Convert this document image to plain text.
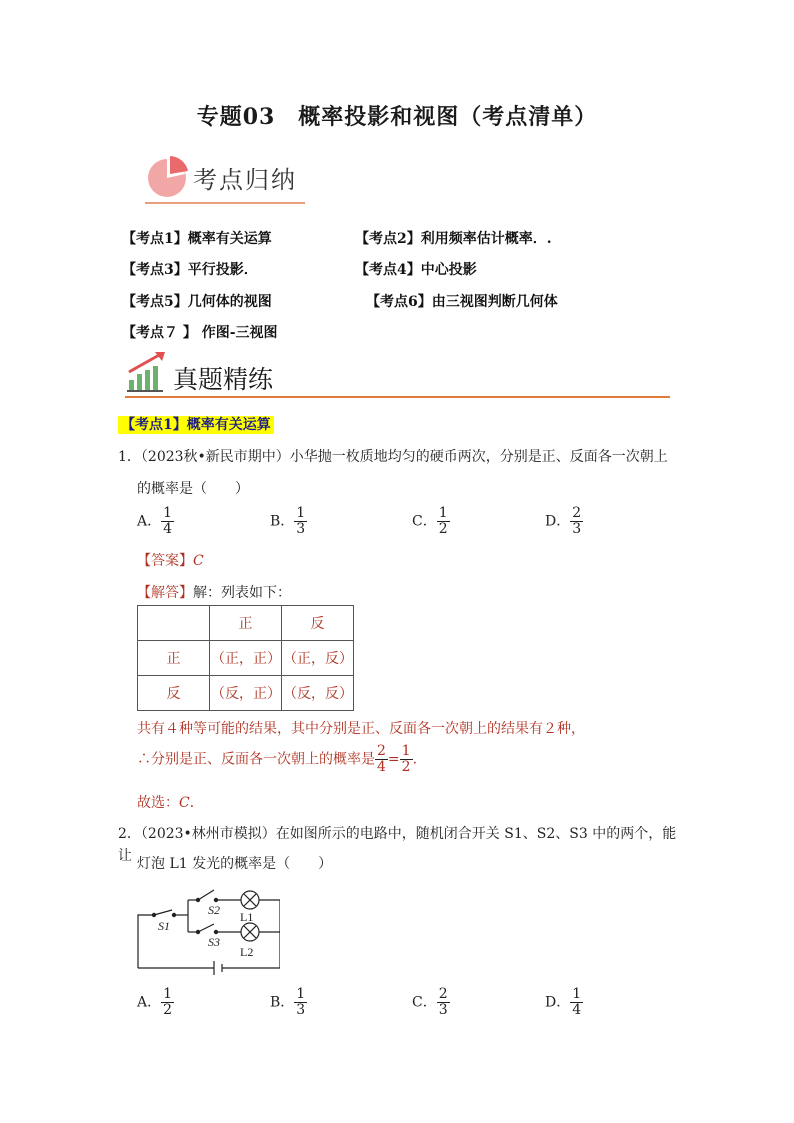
专题03　概率投影和视图（考点清单）
考点归纳
【考点1】概率有关运算	【考点2】利用频率估计概率．.
【考点3】平行投影．	【考点4】中心投影
【考点5】几何体的视图	【考点6】由三视图判断几何体
【考点７ 】 作图-三视图
真题精练
【考点1】概率有关运算
1．（2023秋•新民市期中）小华抛一枚质地均匀的硬币两次，分别是正、反面各一次朝上
的概率是（　　）
A． $\frac{1}{4}$	B． $\frac{1}{3}$	C． $\frac{1}{2}$	D． $\frac{2}{3}$
【答案】C
【解答】解：列表如下：
	正	反
正	（正，正）	（正，反）
反	（反，正）	（反，反）
共有４种等可能的结果，其中分别是正、反面各一次朝上的结果有２种，
∴分别是正、反面各一次朝上的概率是 $\frac{2}{4} = \frac{1}{2}$ .
故选：C．
2．（2023•林州市模拟）在如图所示的电路中，随机闭合开关 S1、S2、S3 中的两个，能让 灯泡 L1 发光的概率是（　　）
S1
S2
S3
L1
L2
A． $\frac{1}{2}$	B． $\frac{1}{3}$	C． $\frac{2}{3}$	D． $\frac{1}{4}$
